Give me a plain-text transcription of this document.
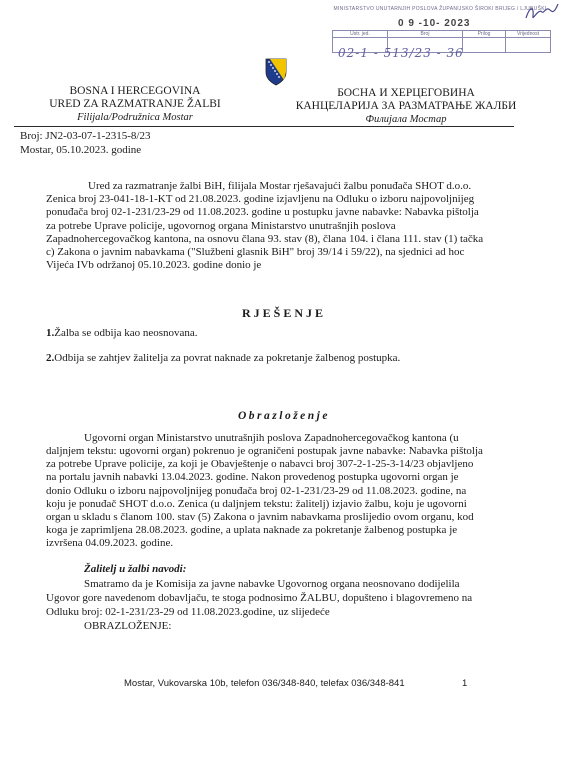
MINISTARSTVO UNUTARNJIH POSLOVA ŽUPANIJSKO ŠIROKI BRIJEG / LJUBUŠKI
0 9 -10- 2023
Ustr. jed.	Broj	Prilog	Vrijednost

02-1 - 513/23 - 36
BOSNA I HERCEGOVINA
URED ZA RAZMATRANJE ŽALBI
Filijala/Podružnica Mostar
БОСНА И ХЕРЦЕГОВИНА
КАНЦЕЛАРИЈА ЗА РАЗМАТРАЊЕ ЖАЛБИ
Филијала Мостар
Broj: JN2-03-07-1-2315-8/23
Mostar, 05.10.2023. godine
Ured za razmatranje žalbi BiH, filijala Mostar rješavajući žalbu ponuđača SHOT d.o.o.
Zenica broj 23-041-18-1-KT od 21.08.2023. godine izjavljenu na Odluku o izboru najpovoljnijeg
ponuđača broj 02-1-231/23-29 od 11.08.2023. godine u postupku javne nabavke: Nabavka pištolja
za potrebe Uprave policije, ugovornog organa Ministarstvo unutrašnjih poslova
Zapadnohercegovačkog kantona, na osnovu člana 93. stav (8), člana 104. i člana 111. stav (1) tačka
c) Zakona o javnim nabavkama ("Službeni glasnik BiH" broj 39/14 i 59/22), na sjednici ad hoc
Vijeća IVb održanoj 05.10.2023. godine donio je
RJEŠENJE
1.Žalba se odbija kao neosnovana.
2.Odbija se zahtjev žalitelja za povrat naknade za pokretanje žalbenog postupka.
Obrazloženje
Ugovorni organ Ministarstvo unutrašnjih poslova Zapadnohercegovačkog kantona (u
daljnjem tekstu: ugovorni organ) pokrenuo je ograničeni postupak javne nabavke: Nabavka pištolja
za potrebe Uprave policije, za koji je Obavještenje o nabavci broj 307-2-1-25-3-14/23 objavljeno
na portalu javnih nabavki 13.04.2023. godine. Nakon provedenog postupka ugovorni organ je
donio Odluku o izboru najpovoljnijeg ponuđača broj 02-1-231/23-29 od 11.08.2023. godine, na
koju je ponuđač SHOT d.o.o. Zenica (u daljnjem tekstu: žalitelj) izjavio žalbu, koju je ugovorni
organ u skladu s članom 100. stav (5) Zakona o javnim nabavkama proslijedio ovom organu, kod
koga je zaprimljena 28.08.2023. godine, a uplata naknade za pokretanje žalbenog postupka je
izvršena 04.09.2023. godine.
Žalitelj u žalbi navodi:
Smatramo da je Komisija za javne nabavke Ugovornog organa neosnovano dodijelila
Ugovor gore navedenom dobavljaču, te stoga podnosimo ŽALBU, dopušteno i blagovremeno na
Odluku broj: 02-1-231/23-29 od 11.08.2023.godine, uz slijedeće
OBRAZLOŽENJE:
Mostar, Vukovarska 10b, telefon 036/348-840, telefax 036/348-841	1
